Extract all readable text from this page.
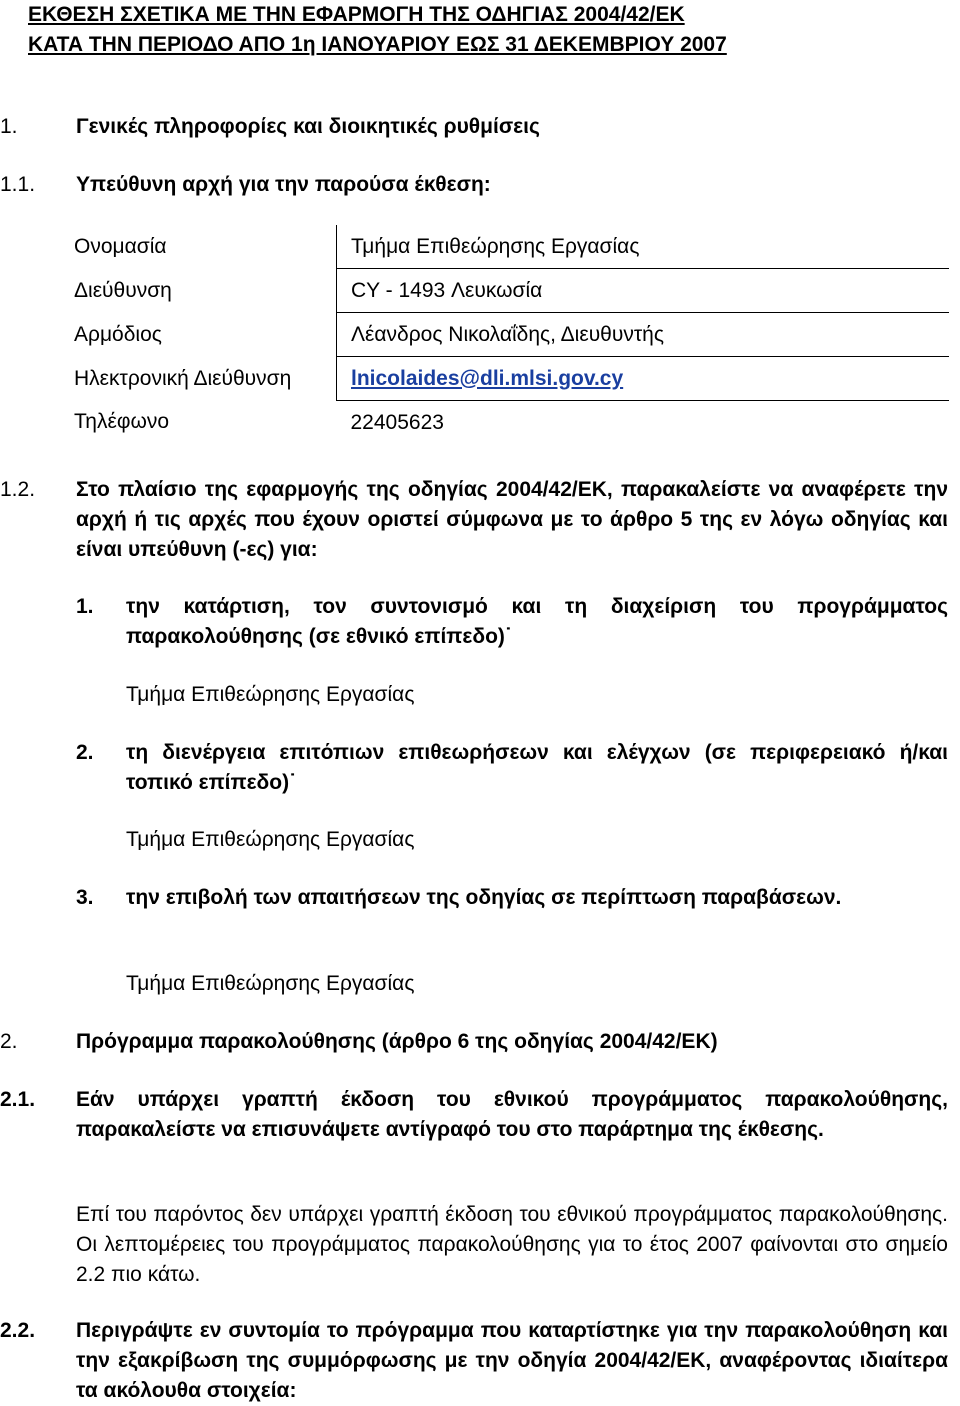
ΕΚΘΕΣΗ ΣΧΕΤΙΚΑ ΜΕ ΤΗΝ ΕΦΑΡΜΟΓΗ ΤΗΣ ΟΔΗΓΙΑΣ 2004/42/ΕΚ
ΚΑΤΑ ΤΗΝ ΠΕΡΙΟΔΟ ΑΠΟ 1η ΙΑΝΟΥΑΡΙΟΥ ΕΩΣ 31 ΔΕΚΕΜΒΡΙΟΥ 2007
1.	Γενικές πληροφορίες και διοικητικές ρυθμίσεις
1.1.	Υπεύθυνη αρχή για την παρούσα έκθεση:
Ονομασία	Τμήμα Επιθεώρησης Εργασίας
Διεύθυνση	CY - 1493 Λευκωσία
Αρμόδιος	Λέανδρος Νικολαΐδης, Διευθυντής
Ηλεκτρονική Διεύθυνση	lnicolaides@dli.mlsi.gov.cy
Τηλέφωνο	22405623
1.2. Στο πλαίσιο της εφαρμογής της οδηγίας 2004/42/ΕΚ, παρακαλείστε να αναφέρετε την αρχή ή τις αρχές που έχουν οριστεί σύμφωνα με το άρθρο 5 της εν λόγω οδηγίας και είναι υπεύθυνη (-ες) για:
1. την κατάρτιση, τον συντονισμό και τη διαχείριση του προγράμματος παρακολούθησης (σε εθνικό επίπεδο)˙
Τμήμα Επιθεώρησης Εργασίας
2. τη διενέργεια επιτόπιων επιθεωρήσεων και ελέγχων (σε περιφερειακό ή/και τοπικό επίπεδο)˙
Τμήμα Επιθεώρησης Εργασίας
3. την επιβολή των απαιτήσεων της οδηγίας σε περίπτωση παραβάσεων.
Τμήμα Επιθεώρησης Εργασίας
2.	Πρόγραμμα παρακολούθησης (άρθρο 6 της οδηγίας 2004/42/ΕΚ)
2.1. Εάν υπάρχει γραπτή έκδοση του εθνικού προγράμματος παρακολούθησης, παρακαλείστε να επισυνάψετε αντίγραφό του στο παράρτημα της έκθεσης.
Επί του παρόντος δεν υπάρχει γραπτή έκδοση του εθνικού προγράμματος παρακολούθησης. Οι λεπτομέρειες του προγράμματος παρακολούθησης για το έτος 2007 φαίνονται στο σημείο 2.2 πιο κάτω.
2.2. Περιγράψτε εν συντομία το πρόγραμμα που καταρτίστηκε για την παρακολούθηση και την εξακρίβωση της συμμόρφωσης με την οδηγία 2004/42/ΕΚ, αναφέροντας ιδιαίτερα τα ακόλουθα στοιχεία:
